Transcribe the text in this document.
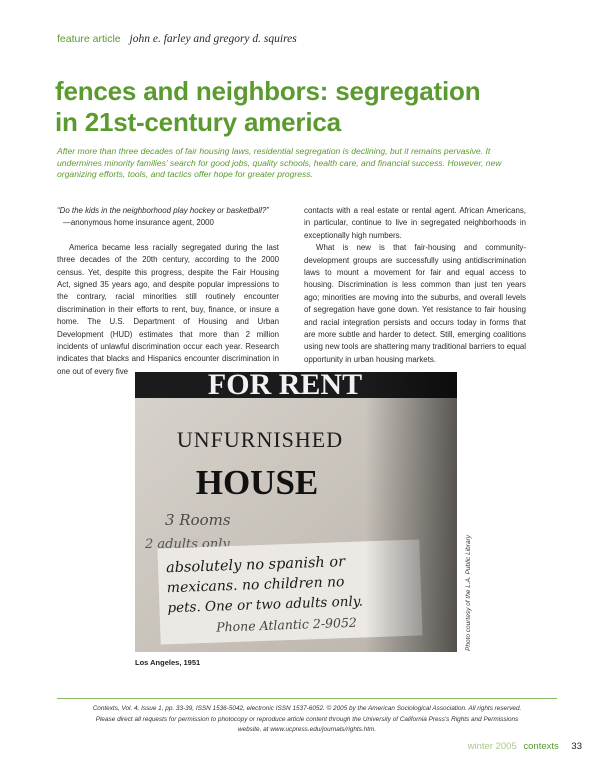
feature article john e. farley and gregory d. squires
fences and neighbors: segregation
in 21st-century america

After more than three decades of fair housing laws, residential segregation is declining, but it remains pervasive. It undermines minority families' search for good jobs, quality schools, health care, and financial success. However, new organizing efforts, tools, and tactics offer hope for greater progress.

“Do the kids in the neighborhood play hockey or basketball?”

—anonymous home insurance agent, 2000

America became less racially segregated during the last three decades of the 20th century, according to the 2000 census. Yet, despite this progress, despite the Fair Housing Act, signed 35 years ago, and despite popular impressions to the contrary, racial minorities still routinely encounter discrimination in their efforts to rent, buy, finance, or insure a home. The U.S. Department of Housing and Urban Development (HUD) estimates that more than 2 million incidents of unlawful discrimination occur each year. Research indicates that blacks and Hispanics encounter discrimination in one out of every five

contacts with a real estate or rental agent. African Americans, in particular, continue to live in segregated neighborhoods in exceptionally high numbers.

What is new is that fair-housing and community-development groups are successfully using antidiscrimination laws to mount a movement for fair and equal access to housing. Discrimination is less common than just ten years ago; minorities are moving into the suburbs, and overall levels of segregation have gone down. Yet resistance to fair housing and racial integration persists and occurs today in forms that are more subtle and harder to detect. Still, emerging coalitions using new tools are shattering many traditional barriers to equal opportunity in urban housing markets.

FOR RENT
UNFURNISHED
HOUSE
3 Rooms
2 adults only
absolutely no spanish or
mexicans. no children no
pets. One or two adults only.
Phone Atlantic 2-9052	Photo courtesy of the L.A. Public Library
Los Angeles, 1951
Contexts, Vol. 4, Issue 1, pp. 33-39, ISSN 1536-5042, electronic ISSN 1537-6052. © 2005 by the American Sociological Association. All rights reserved.
Please direct all requests for permission to photocopy or reproduce article content through the University of California Press's Rights and Permissions
website, at www.ucpress.edu/journals/rights.htm.
winter 2005 contexts 33
